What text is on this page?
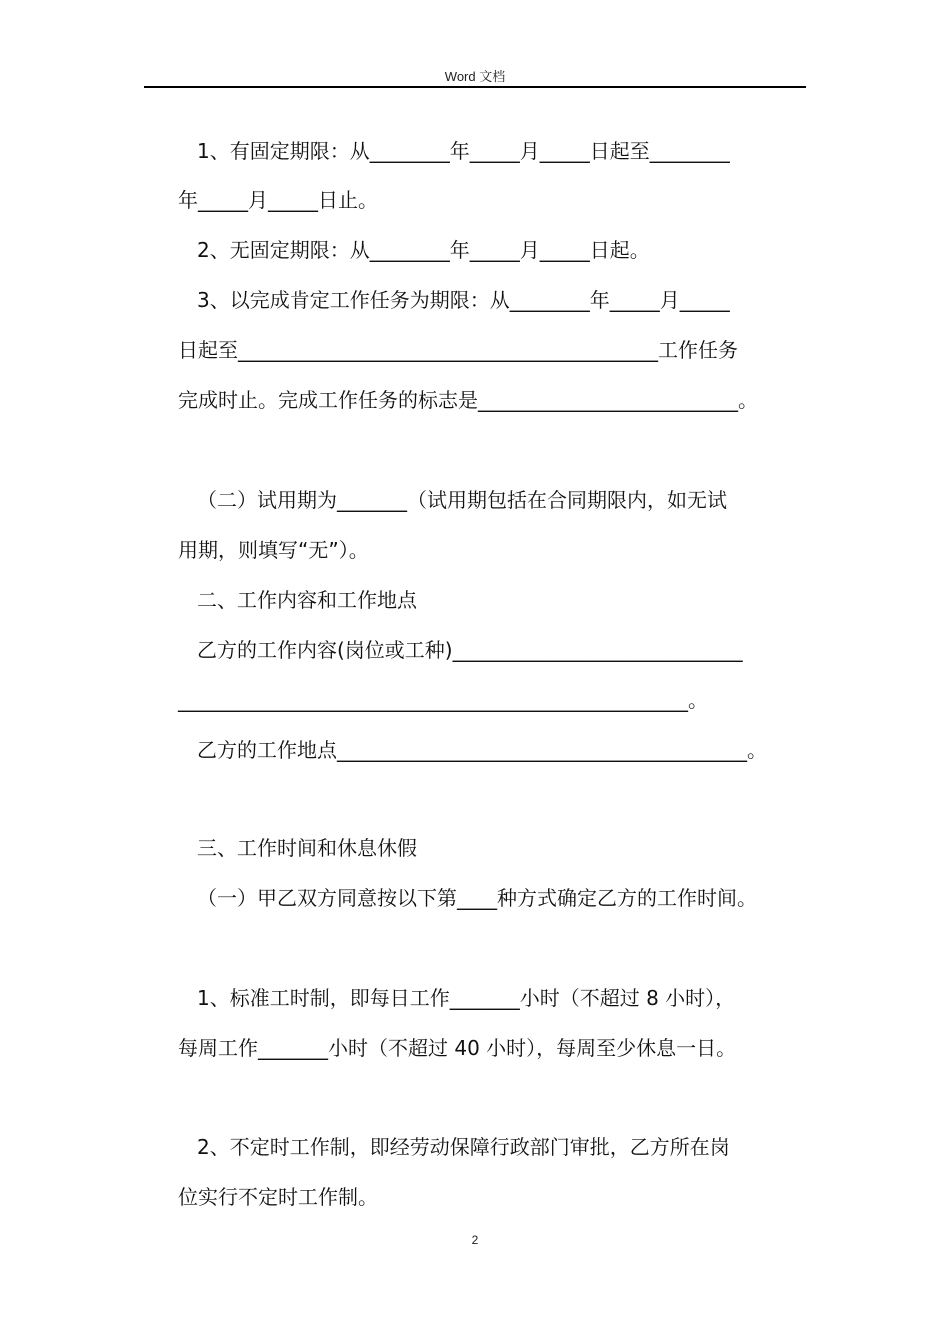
Word 文档
1、有固定期限：从________年_____月_____日起至________
年_____月_____日止。
2、无固定期限：从________年_____月_____日起。
3、以完成肯定工作任务为期限：从________年_____月_____
日起至__________________________________________工作任务
完成时止。完成工作任务的标志是__________________________。
（二）试用期为_______（试用期包括在合同期限内，如无试
用期，则填写“无”）。
二、工作内容和工作地点
乙方的工作内容(岗位或工种)_____________________________
___________________________________________________。
乙方的工作地点_________________________________________。
三、工作时间和休息休假
（一）甲乙双方同意按以下第____种方式确定乙方的工作时间。
1、标准工时制，即每日工作_______小时（不超过 8 小时），
每周工作_______小时（不超过 40 小时），每周至少休息一日。
2、不定时工作制，即经劳动保障行政部门审批，乙方所在岗
位实行不定时工作制。
2
